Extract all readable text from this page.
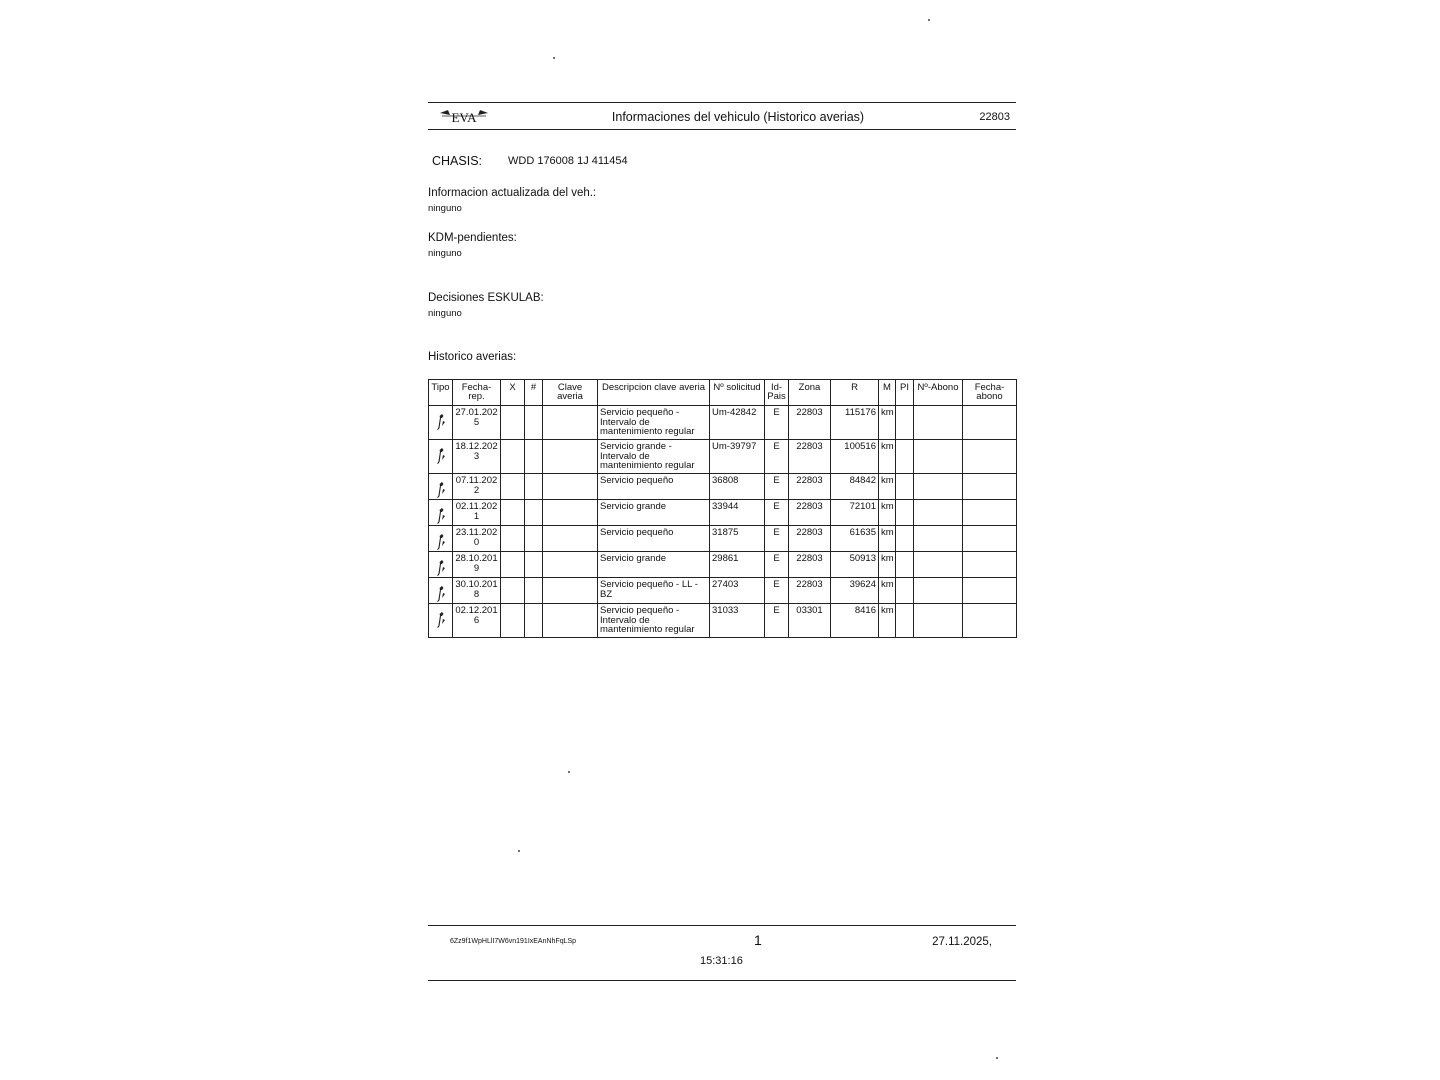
EVA	Informaciones del vehiculo (Historico averias)	22803
CHASIS: WDD 176008 1J 411454
Informacion actualizada del veh.:
ninguno
KDM-pendientes:
ninguno
Decisiones ESKULAB:
ninguno
Historico averias:
Tipo	Fecha-rep.	X	#	Clave averia	Descripcion clave averia	Nº solicitud	Id-Pais	Zona	R	M	PI	Nº-Abono	Fecha-abono

	27.01.2025				Servicio pequeño - Intervalo de mantenimiento regular	Um-42842	E	22803	115176	km			

	18.12.2023				Servicio grande - Intervalo de mantenimiento regular	Um-39797	E	22803	100516	km			

	07.11.2022				Servicio pequeño	36808	E	22803	84842	km			

	02.11.2021				Servicio grande	33944	E	22803	72101	km			

	23.11.2020				Servicio pequeño	31875	E	22803	61635	km			

	28.10.2019				Servicio grande	29861	E	22803	50913	km			

	30.10.2018				Servicio pequeño - LL - BZ	27403	E	22803	39624	km			

	02.12.2016				Servicio pequeño - Intervalo de mantenimiento regular	31033	E	03301	8416	km			
6Zz9f1WpHLlI7W6vn191IxEAnNhFqLSp	1	27.11.2025,
15:31:16
